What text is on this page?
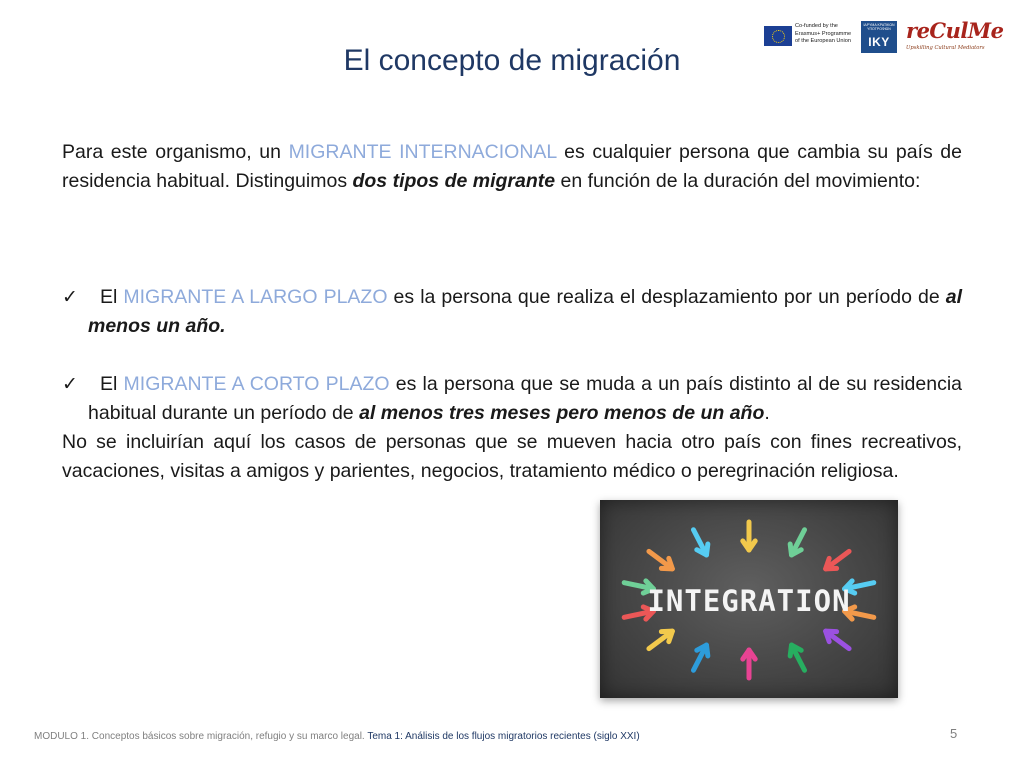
El concepto de migración
Co-funded by the
Erasmus+ Programme
of the European Union
ΙΔΡΥΜΑ ΚΡΑΤΙΚΩΝ ΥΠΟΤΡΟΦΙΩΝ
IKY reCulMe
Upskilling Cultural Mediators
Para este organismo, un MIGRANTE INTERNACIONAL es cualquier persona que cambia su país de residencia habitual. Distinguimos dos tipos de migrante en función de la duración del movimiento:
✓	El MIGRANTE A LARGO PLAZO es la persona que realiza el desplazamiento por un período de al menos un año.
✓	El MIGRANTE A CORTO PLAZO es la persona que se muda a un país distinto al de su residencia habitual durante un período de al menos tres meses pero menos de un año.
No se incluirían aquí los casos de personas que se mueven hacia otro país con fines recreativos, vacaciones, visitas a amigos y parientes, negocios, tratamiento médico o peregrinación religiosa.
INTEGRATION
MODULO 1. Conceptos básicos sobre migración, refugio y su marco legal. Tema 1: Análisis de los flujos migratorios recientes (siglo XXI)	5
